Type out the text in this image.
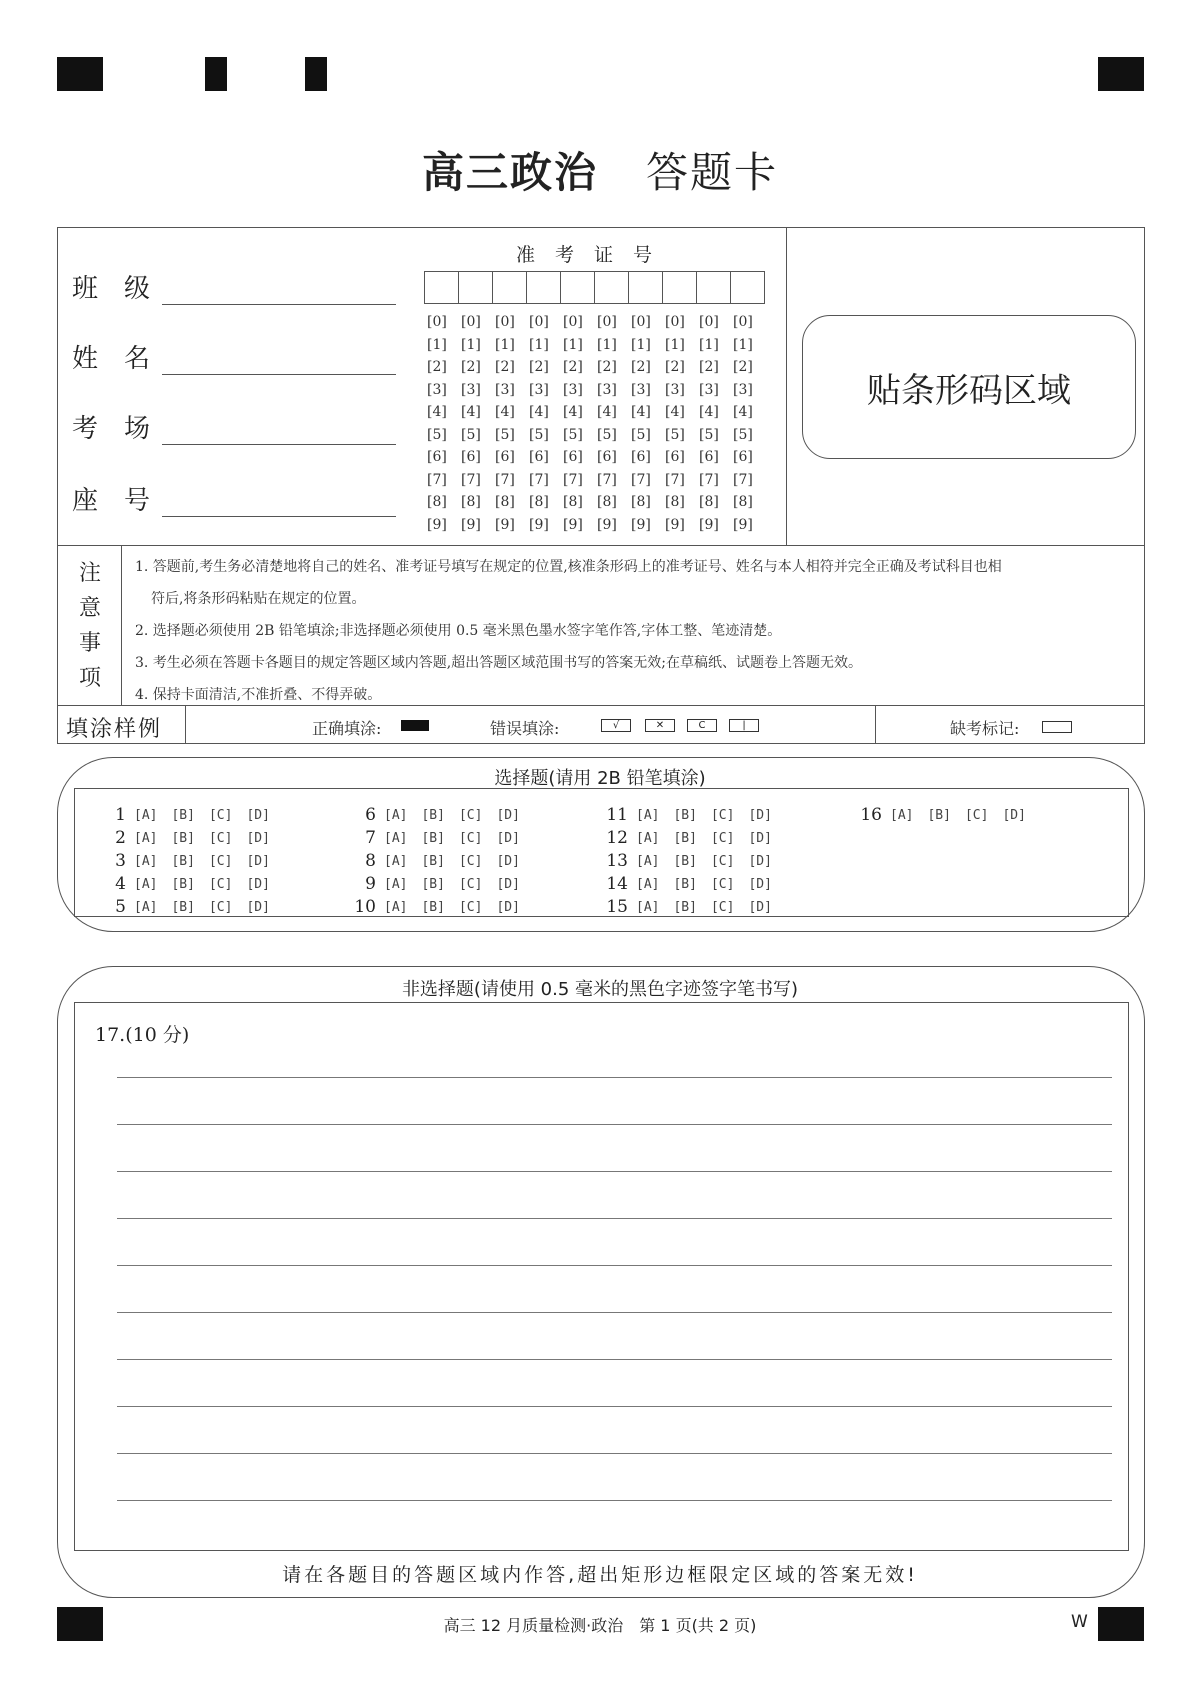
高三政治 答题卡
班　级
姓　名
考　场
座　号
准考证号
[0]	[0]	[0]	[0]	[0]	[0]	[0]	[0]	[0]	[0]
[1]	[1]	[1]	[1]	[1]	[1]	[1]	[1]	[1]	[1]
[2]	[2]	[2]	[2]	[2]	[2]	[2]	[2]	[2]	[2]
[3]	[3]	[3]	[3]	[3]	[3]	[3]	[3]	[3]	[3]
[4]	[4]	[4]	[4]	[4]	[4]	[4]	[4]	[4]	[4]
[5]	[5]	[5]	[5]	[5]	[5]	[5]	[5]	[5]	[5]
[6]	[6]	[6]	[6]	[6]	[6]	[6]	[6]	[6]	[6]
[7]	[7]	[7]	[7]	[7]	[7]	[7]	[7]	[7]	[7]
[8]	[8]	[8]	[8]	[8]	[8]	[8]	[8]	[8]	[8]
[9]	[9]	[9]	[9]	[9]	[9]	[9]	[9]	[9]	[9]
贴条形码区域
注意事项
1. 答题前,考生务必清楚地将自己的姓名、准考证号填写在规定的位置,核准条形码上的准考证号、姓名与本人相符并完全正确及考试科目也相
符后,将条形码粘贴在规定的位置。
2. 选择题必须使用 2B 铅笔填涂;非选择题必须使用 0.5 毫米黑色墨水签字笔作答,字体工整、笔迹清楚。
3. 考生必须在答题卡各题目的规定答题区域内答题,超出答题区域范围书写的答案无效;在草稿纸、试题卷上答题无效。
4. 保持卡面清洁,不准折叠、不得弄破。
填涂样例	正确填涂:	错误填涂:	√	✕	C	|	缺考标记:
选择题(请用 2B 铅笔填涂)
1 [A] [B] [C] [D]
2 [A] [B] [C] [D]
3 [A] [B] [C] [D]
4 [A] [B] [C] [D]
5 [A] [B] [C] [D]
6 [A] [B] [C] [D]
7 [A] [B] [C] [D]
8 [A] [B] [C] [D]
9 [A] [B] [C] [D]
10 [A] [B] [C] [D]
11 [A] [B] [C] [D]
12 [A] [B] [C] [D]
13 [A] [B] [C] [D]
14 [A] [B] [C] [D]
15 [A] [B] [C] [D]
16 [A] [B] [C] [D]
非选择题(请使用 0.5 毫米的黑色字迹签字笔书写)
17.(10 分)
请在各题目的答题区域内作答,超出矩形边框限定区域的答案无效!
高三 12 月质量检测·政治　第 1 页(共 2 页)	W
